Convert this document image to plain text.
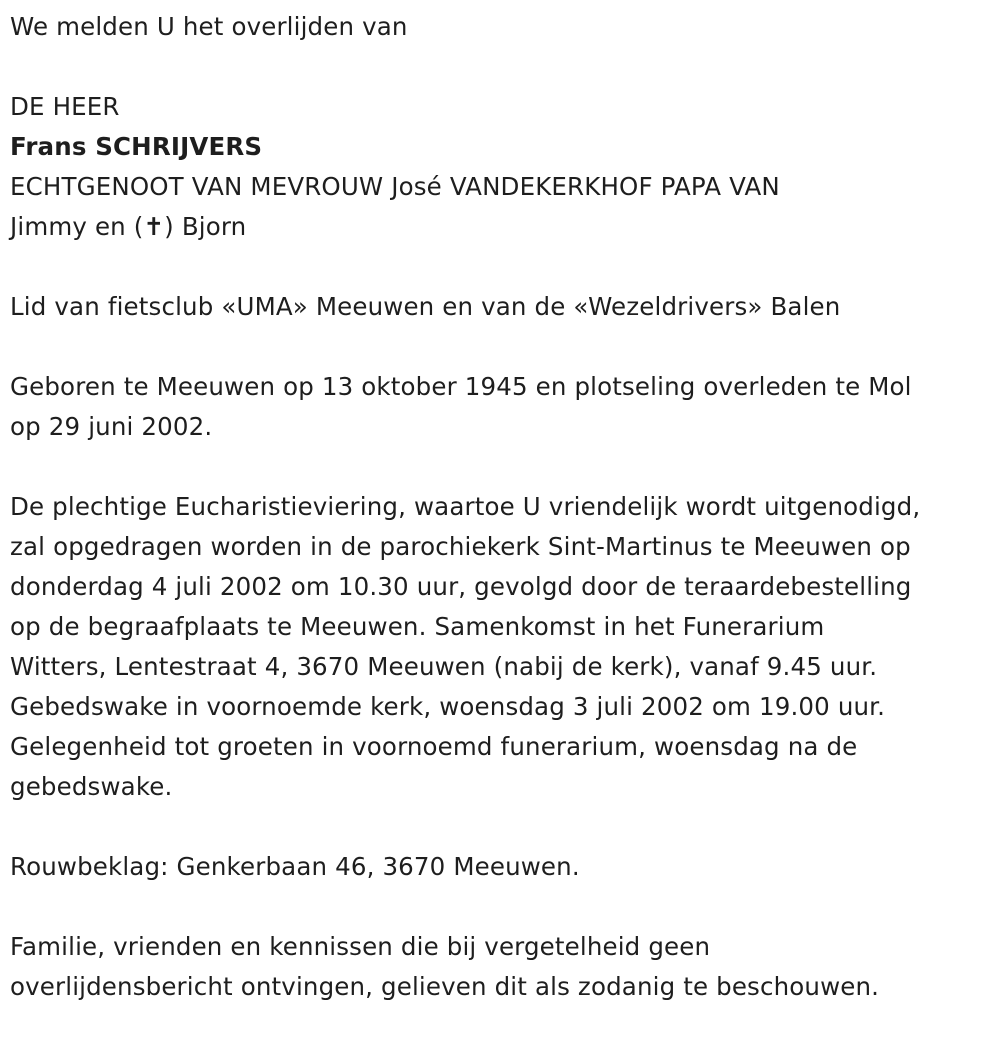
We melden U het overlijden van
DE HEER
Frans SCHRIJVERS
ECHTGENOOT VAN MEVROUW José VANDEKERKHOF PAPA VAN
Jimmy en (✝) Bjorn
Lid van fietsclub «UMA» Meeuwen en van de «Wezeldrivers» Balen
Geboren te Meeuwen op 13 oktober 1945 en plotseling overleden te Mol
op 29 juni 2002.
De plechtige Eucharistieviering, waartoe U vriendelijk wordt uitgenodigd,
zal opgedragen worden in de parochiekerk Sint-Martinus te Meeuwen op
donderdag 4 juli 2002 om 10.30 uur, gevolgd door de teraardebestelling
op de begraafplaats te Meeuwen. Samenkomst in het Funerarium
Witters, Lentestraat 4, 3670 Meeuwen (nabij de kerk), vanaf 9.45 uur.
Gebedswake in voornoemde kerk, woensdag 3 juli 2002 om 19.00 uur.
Gelegenheid tot groeten in voornoemd funerarium, woensdag na de
gebedswake.
Rouwbeklag: Genkerbaan 46, 3670 Meeuwen.
Familie, vrienden en kennissen die bij vergetelheid geen
overlijdensbericht ontvingen, gelieven dit als zodanig te beschouwen.
